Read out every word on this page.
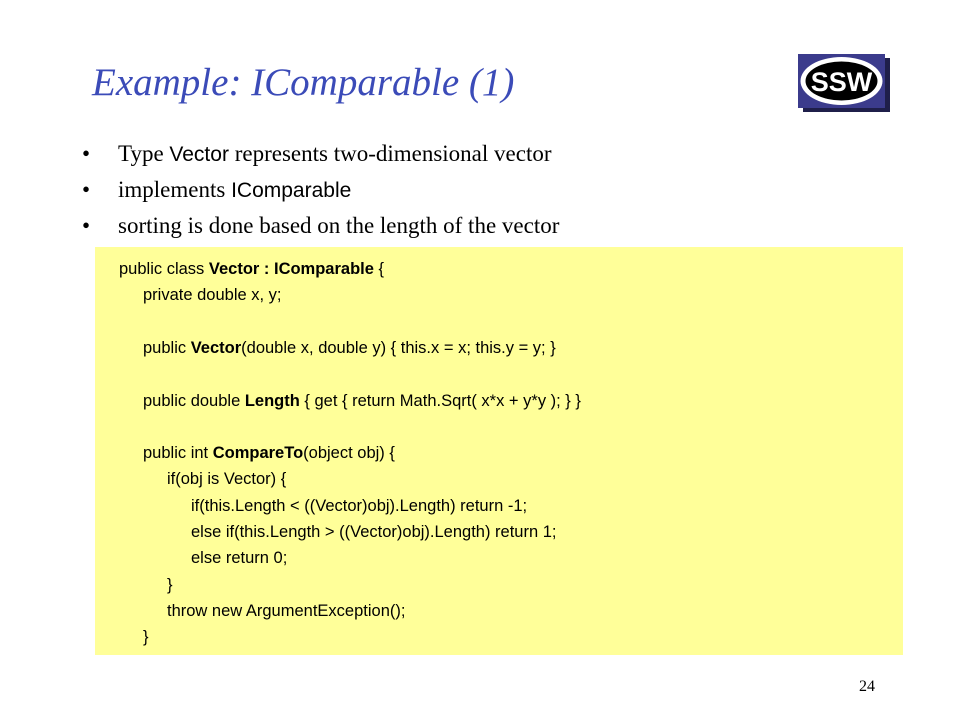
Example: IComparable (1)	SSW
• Type Vector represents two-dimensional vector
• implements IComparable
• sorting is done based on the length of the vector
public class Vector : IComparable {
private double x, y;
public Vector(double x, double y) { this.x = x; this.y = y; }
public double Length { get { return Math.Sqrt( x*x + y*y ); } }
public int CompareTo(object obj) {
if(obj is Vector) {
if(this.Length < ((Vector)obj).Length) return -1;
else if(this.Length > ((Vector)obj).Length) return 1;
else return 0;
}
throw new ArgumentException();
}
24
